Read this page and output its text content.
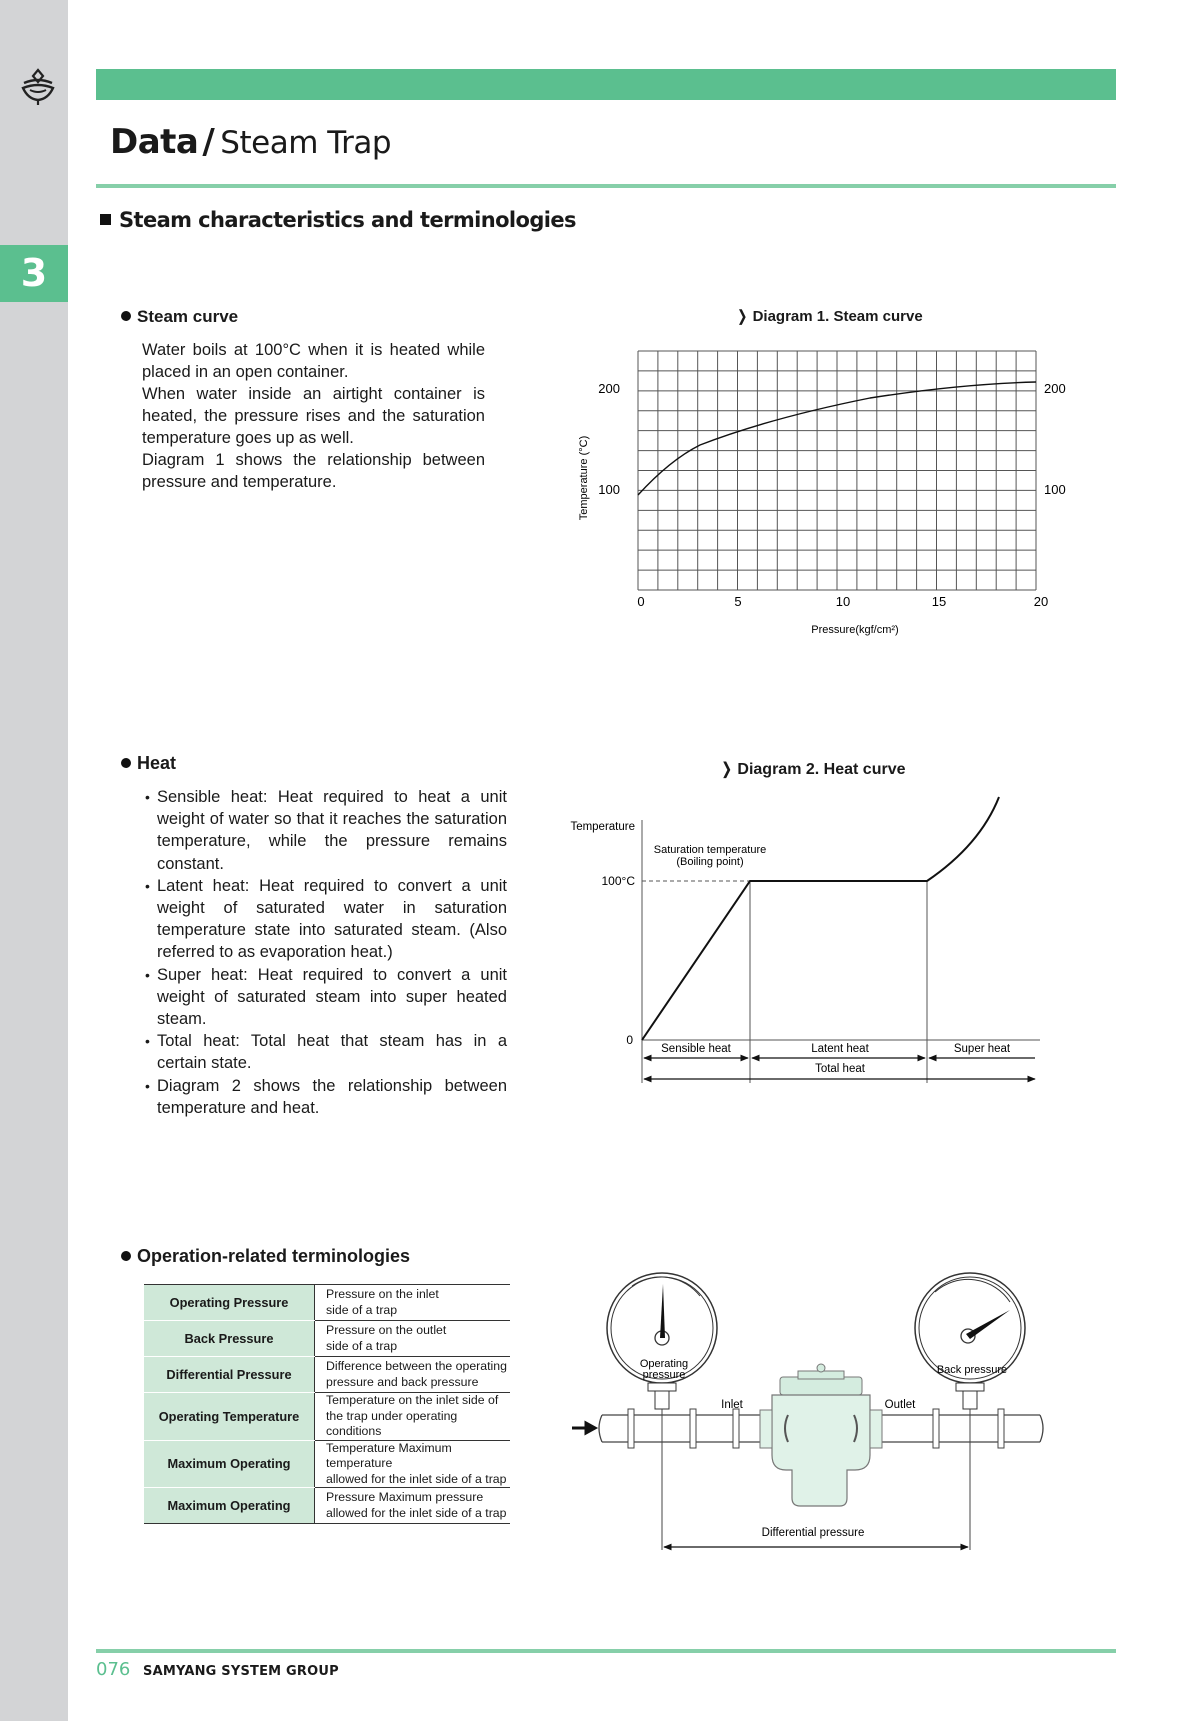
3
Data / Steam Trap
Steam characteristics and terminologies
Steam curve

Water boils at 100°C when it is heated while placed in an open container.

When water inside an airtight container is heated, the pressure rises and the saturation temperature goes up as well.

Diagram 1 shows the relationship between pressure and temperature.

❭ Diagram 1. Steam curve
200
100
200
100
0	5	10	15	20
Pressure(kgf/cm²)
Temperature (°C)
Heat
• Sensible heat: Heat required to heat a unit weight of water so that it reaches the saturation temperature, while the pressure remains constant.
• Latent heat: Heat required to convert a unit weight of saturated water in saturation temperature state into saturated steam. (Also referred to as evaporation heat.)
• Super heat: Heat required to convert a unit weight of saturated steam into super heated steam.
• Total heat: Total heat that steam has in a certain state.
• Diagram 2 shows the relationship between temperature and heat.
❭ Diagram 2. Heat curve
Temperature
100°C
0
Saturation temperature
(Boiling point)
Sensible heat	Latent heat	Super heat
Total heat
Operation-related terminologies
Operating Pressure	Pressure on the inlet
side of a trap
Back Pressure	Pressure on the outlet
side of a trap
Differential Pressure	Difference between the operating
pressure and back pressure
Operating Temperature	Temperature on the inlet side of
the trap under operating conditions
Maximum Operating	Temperature Maximum temperature
allowed for the inlet side of a trap
Maximum Operating	Pressure Maximum pressure
allowed for the inlet side of a trap
Operating
pressure	Back pressure
Inlet	Outlet
Differential pressure
076 SAMYANG SYSTEM GROUP
